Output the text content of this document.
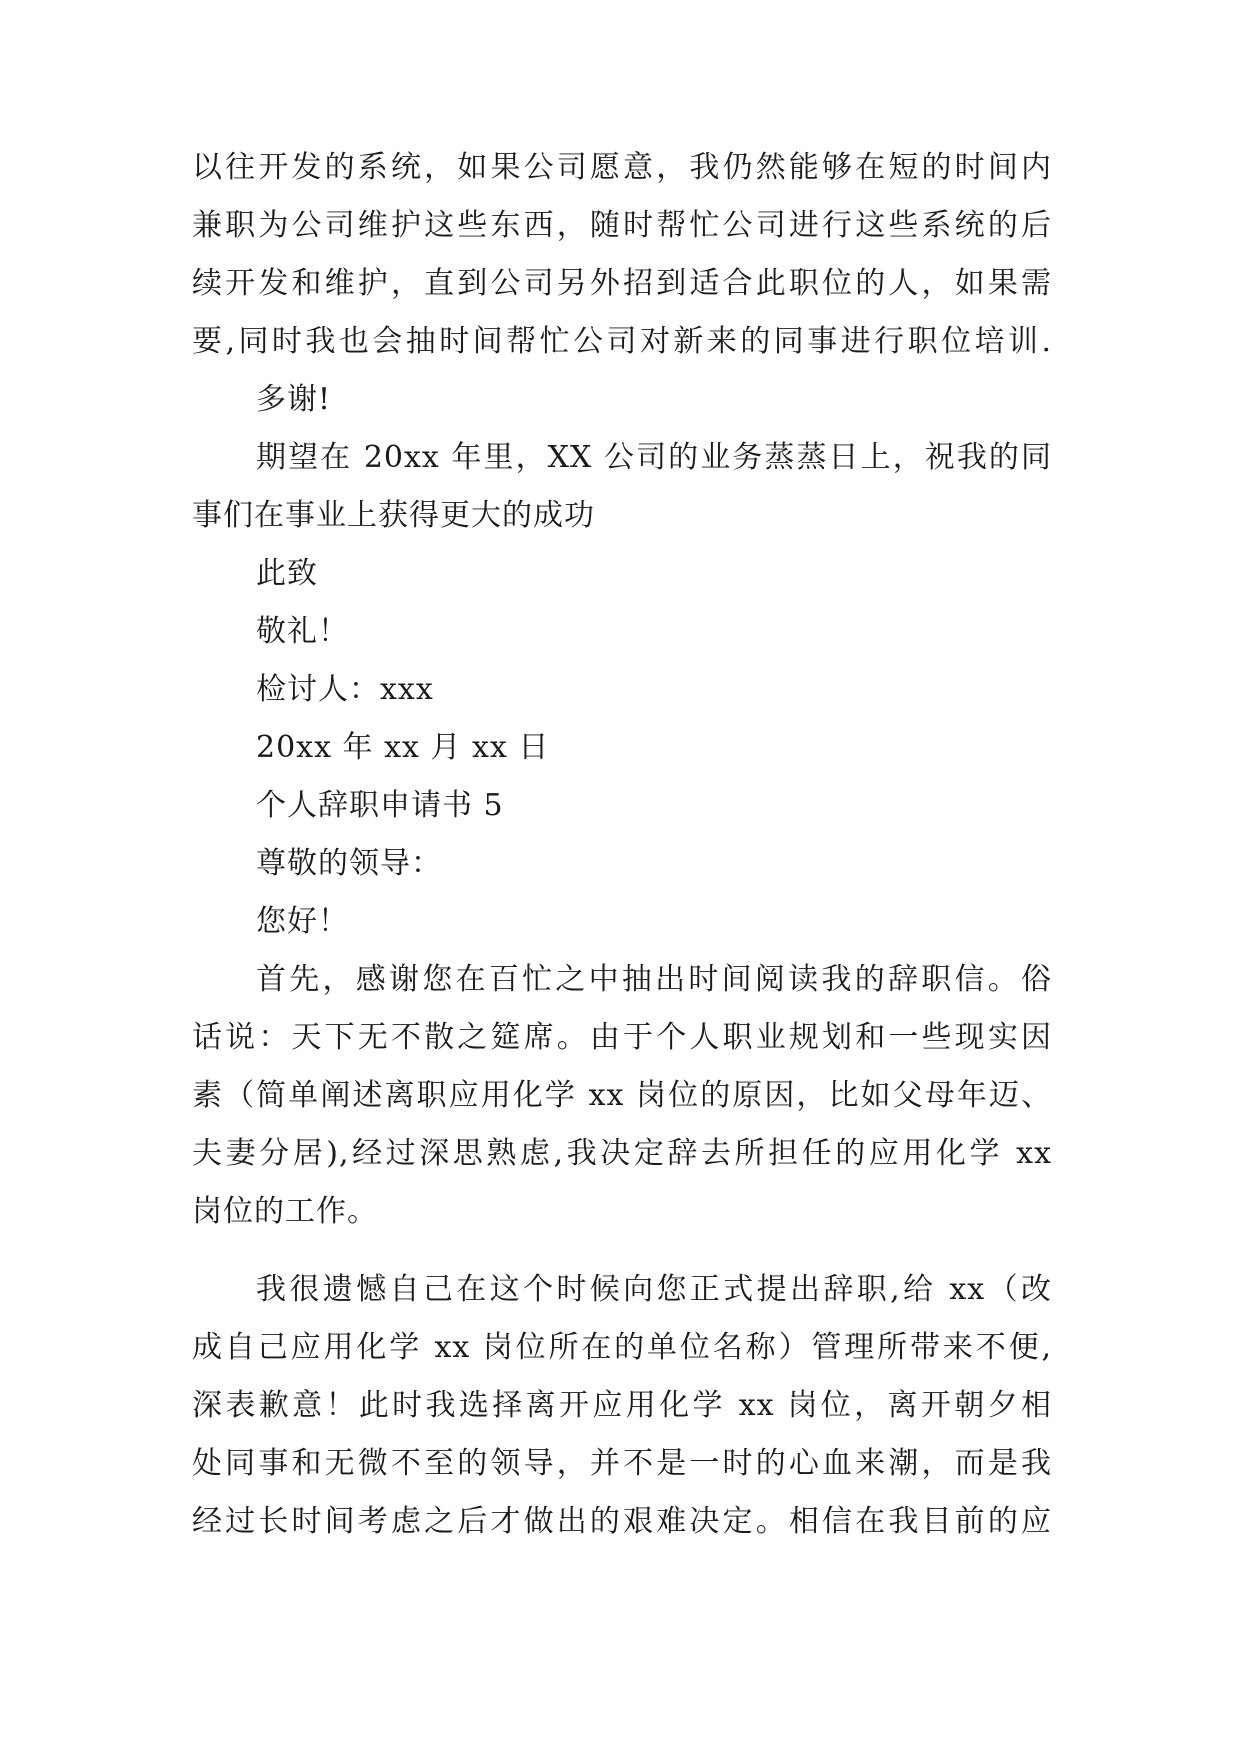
以往开发的系统，如果公司愿意，我仍然能够在短的时间内
兼职为公司维护这些东西，随时帮忙公司进行这些系统的后
续开发和维护，直到公司另外招到适合此职位的人，如果需
要,同时我也会抽时间帮忙公司对新来的同事进行职位培训.
多谢!
期望在 20xx 年里，XX 公司的业务蒸蒸日上，祝我的同
事们在事业上获得更大的成功
此致
敬礼！
检讨人：xxx
20xx 年 xx 月 xx 日
个人辞职申请书 5
尊敬的领导：
您好！
首先，感谢您在百忙之中抽出时间阅读我的辞职信。俗
话说：天下无不散之筵席。由于个人职业规划和一些现实因
素（简单阐述离职应用化学 xx 岗位的原因，比如父母年迈、
夫妻分居),经过深思熟虑,我决定辞去所担任的应用化学 xx
岗位的工作。
我很遗憾自己在这个时候向您正式提出辞职,给 xx（改
成自己应用化学 xx 岗位所在的单位名称）管理所带来不便,
深表歉意！此时我选择离开应用化学 xx 岗位，离开朝夕相
处同事和无微不至的领导，并不是一时的心血来潮，而是我
经过长时间考虑之后才做出的艰难决定。相信在我目前的应
